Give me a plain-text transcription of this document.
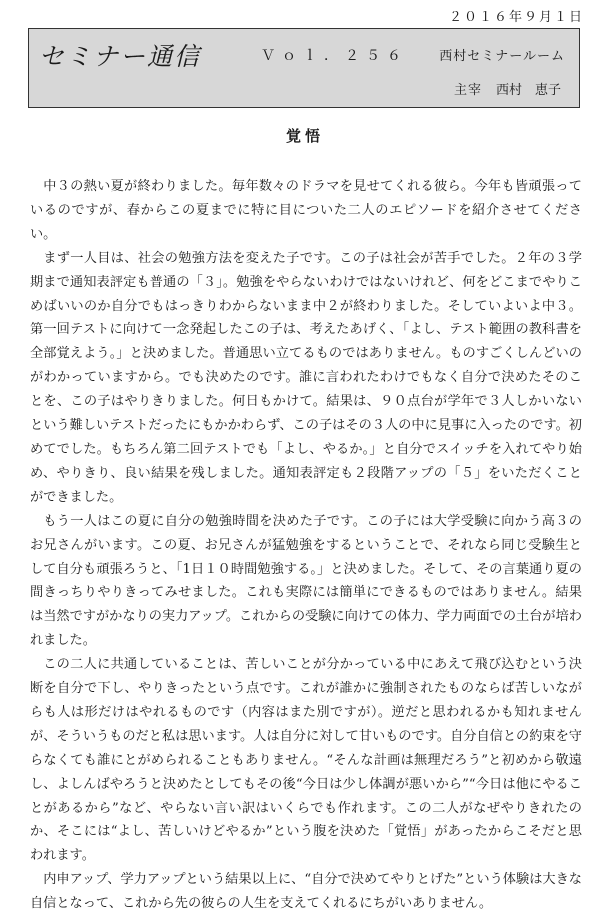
２０１６年９月１日
セミナー通信	Ｖｏｌ．２５６ 西村セミナールーム
主宰 西村　恵子
覚悟

中３の熱い夏が終わりました。毎年数々のドラマを見せてくれる彼ら。今年も皆頑張っているのですが、春からこの夏までに特に目についた二人のエピソードを紹介させてください。

まず一人目は、社会の勉強方法を変えた子です。この子は社会が苦手でした。２年の３学期まで通知表評定も普通の「３」。勉強をやらないわけではないけれど、何をどこまでやりこめばいいのか自分でもはっきりわからないまま中２が終わりました。そしていよいよ中３。第一回テストに向けて一念発起したこの子は、考えたあげく、「よし、テスト範囲の教科書を全部覚えよう。」と決めました。普通思い立てるものではありません。ものすごくしんどいのがわかっていますから。でも決めたのです。誰に言われたわけでもなく自分で決めたそのことを、この子はやりきりました。何日もかけて。結果は、９０点台が学年で３人しかいないという難しいテストだったにもかかわらず、この子はその３人の中に見事に入ったのです。初めてでした。もちろん第二回テストでも「よし、やるか。」と自分でスイッチを入れてやり始め、やりきり、良い結果を残しました。通知表評定も２段階アップの「５」をいただくことができました。

もう一人はこの夏に自分の勉強時間を決めた子です。この子には大学受験に向かう高３のお兄さんがいます。この夏、お兄さんが猛勉強をするということで、それなら同じ受験生として自分も頑張ろうと、「1日１０時間勉強する。」と決めました。そして、その言葉通り夏の間きっちりやりきってみせました。これも実際には簡単にできるものではありません。結果は当然ですがかなりの実力アップ。これからの受験に向けての体力、学力両面での土台が培われました。

この二人に共通していることは、苦しいことが分かっている中にあえて飛び込むという決断を自分で下し、やりきったという点です。これが誰かに強制されたものならば苦しいながらも人は形だけはやれるものです（内容はまた別ですが）。逆だと思われるかも知れませんが、そういうものだと私は思います。人は自分に対して甘いものです。自分自信との約束を守らなくても誰にとがめられることもありません。“そんな計画は無理だろう”と初めから敬遠し、よしんばやろうと決めたとしてもその後“今日は少し体調が悪いから”“今日は他にやることがあるから”など、やらない言い訳はいくらでも作れます。この二人がなぜやりきれたのか、そこには“よし、苦しいけどやるか”という腹を決めた「覚悟」があったからこそだと思われます。

内申アップ、学力アップという結果以上に、“自分で決めてやりとげた”という体験は大きな自信となって、これから先の彼らの人生を支えてくれるにちがいありません。
